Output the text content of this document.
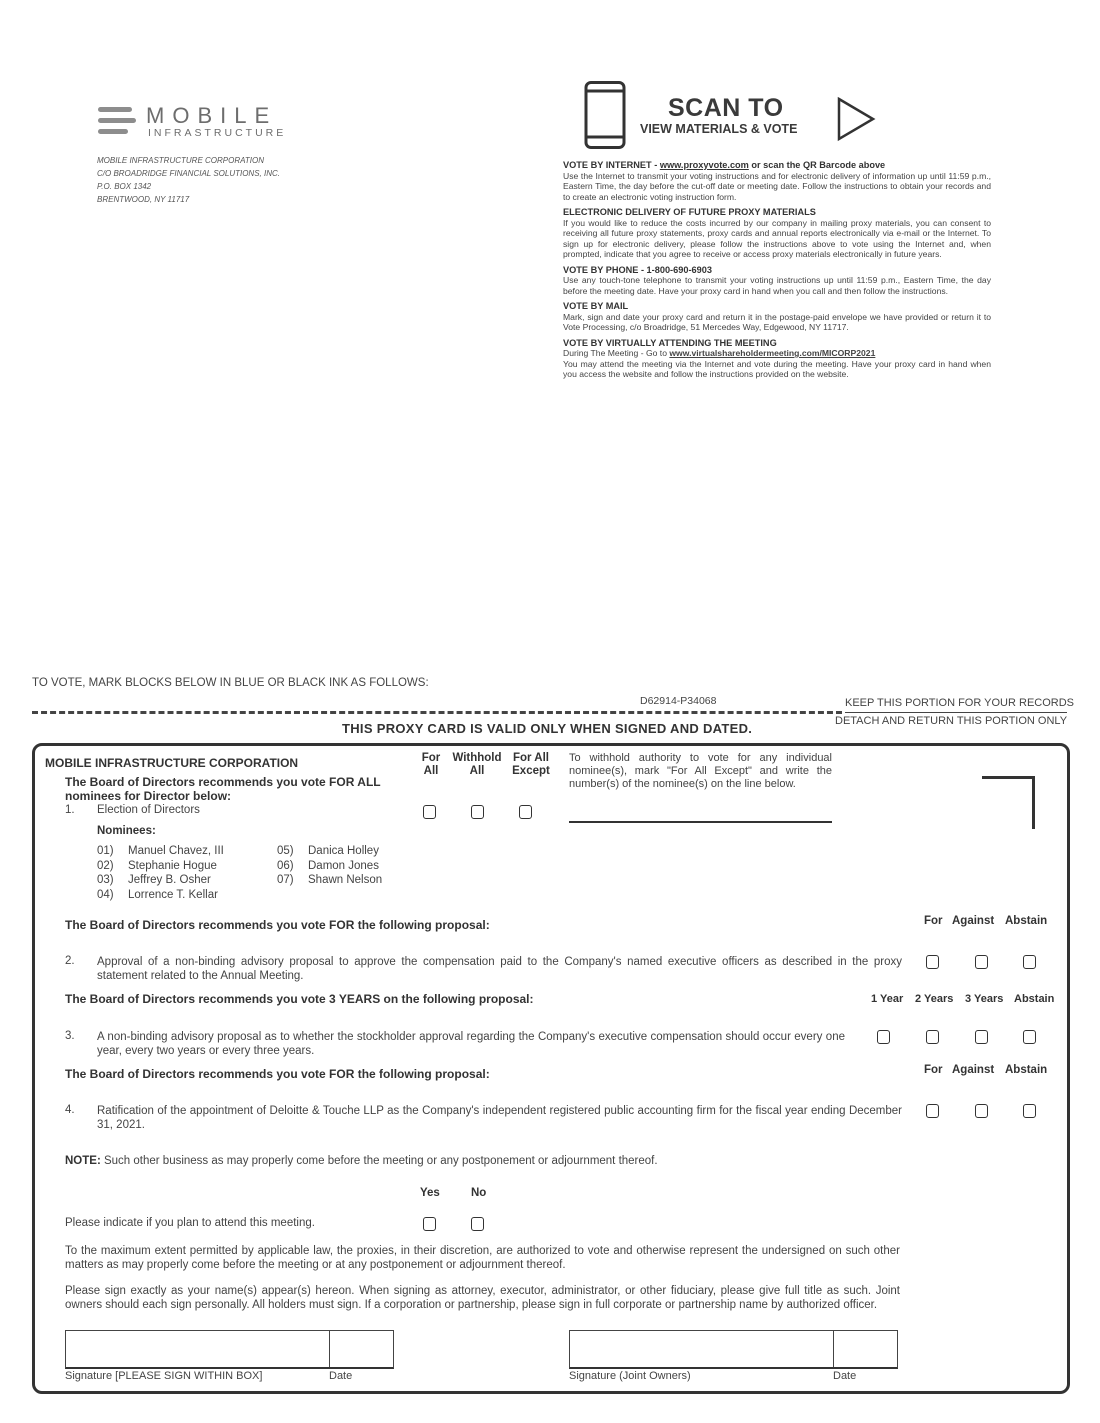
MOBILE
INFRASTRUCTURE
MOBILE INFRASTRUCTURE CORPORATION
C/O BROADRIDGE FINANCIAL SOLUTIONS, INC.
P.O. BOX 1342
BRENTWOOD, NY 11717
SCAN TO
VIEW MATERIALS & VOTE
VOTE BY INTERNET - www.proxyvote.com or scan the QR Barcode above

Use the Internet to transmit your voting instructions and for electronic delivery of information up until 11:59 p.m., Eastern Time, the day before the cut-off date or meeting date. Follow the instructions to obtain your records and to create an electronic voting instruction form.

ELECTRONIC DELIVERY OF FUTURE PROXY MATERIALS

If you would like to reduce the costs incurred by our company in mailing proxy materials, you can consent to receiving all future proxy statements, proxy cards and annual reports electronically via e-mail or the Internet. To sign up for electronic delivery, please follow the instructions above to vote using the Internet and, when prompted, indicate that you agree to receive or access proxy materials electronically in future years.

VOTE BY PHONE - 1-800-690-6903

Use any touch-tone telephone to transmit your voting instructions up until 11:59 p.m., Eastern Time, the day before the meeting date. Have your proxy card in hand when you call and then follow the instructions.

VOTE BY MAIL

Mark, sign and date your proxy card and return it in the postage-paid envelope we have provided or return it to Vote Processing, c/o Broadridge, 51 Mercedes Way, Edgewood, NY 11717.

VOTE BY VIRTUALLY ATTENDING THE MEETING

During The Meeting - Go to www.virtualshareholdermeeting.com/MICORP2021

You may attend the meeting via the Internet and vote during the meeting. Have your proxy card in hand when you access the website and follow the instructions provided on the website.

TO VOTE, MARK BLOCKS BELOW IN BLUE OR BLACK INK AS FOLLOWS:
D62914-P34068	KEEP THIS PORTION FOR YOUR RECORDS
DETACH AND RETURN THIS PORTION ONLY
THIS PROXY CARD IS VALID ONLY WHEN SIGNED AND DATED.
MOBILE INFRASTRUCTURE CORPORATION
The Board of Directors recommends you vote FOR ALL
nominees for Director below:
1. Election of Directors
For
All
Withhold
All
For All
Except
To withhold authority to vote for any individual nominee(s), mark "For All Except" and write the number(s) of the nominee(s) on the line below.
Nominees:
01) Manuel Chavez, III
02) Stephanie Hogue
03) Jeffrey B. Osher
04) Lorrence T. Kellar
05) Danica Holley
06) Damon Jones
07) Shawn Nelson
The Board of Directors recommends you vote FOR the following proposal:	For Against Abstain
2. Approval of a non-binding advisory proposal to approve the compensation paid to the Company's named executive officers as described in the proxy statement related to the Annual Meeting.
The Board of Directors recommends you vote 3 YEARS on the following proposal:	1 Year 2 Years 3 Years Abstain
3. A non-binding advisory proposal as to whether the stockholder approval regarding the Company's executive compensation should occur every one year, every two years or every three years.
The Board of Directors recommends you vote FOR the following proposal:	For Against Abstain
4. Ratification of the appointment of Deloitte & Touche LLP as the Company's independent registered public accounting firm for the fiscal year ending December 31, 2021.
NOTE: Such other business as may properly come before the meeting or any postponement or adjournment thereof.
Yes	No
Please indicate if you plan to attend this meeting.
To the maximum extent permitted by applicable law, the proxies, in their discretion, are authorized to vote and otherwise represent the undersigned on such other matters as may properly come before the meeting or at any postponement or adjournment thereof.
Please sign exactly as your name(s) appear(s) hereon. When signing as attorney, executor, administrator, or other fiduciary, please give full title as such. Joint owners should each sign personally. All holders must sign. If a corporation or partnership, please sign in full corporate or partnership name by authorized officer.
Signature [PLEASE SIGN WITHIN BOX]	Date	Signature (Joint Owners)	Date
